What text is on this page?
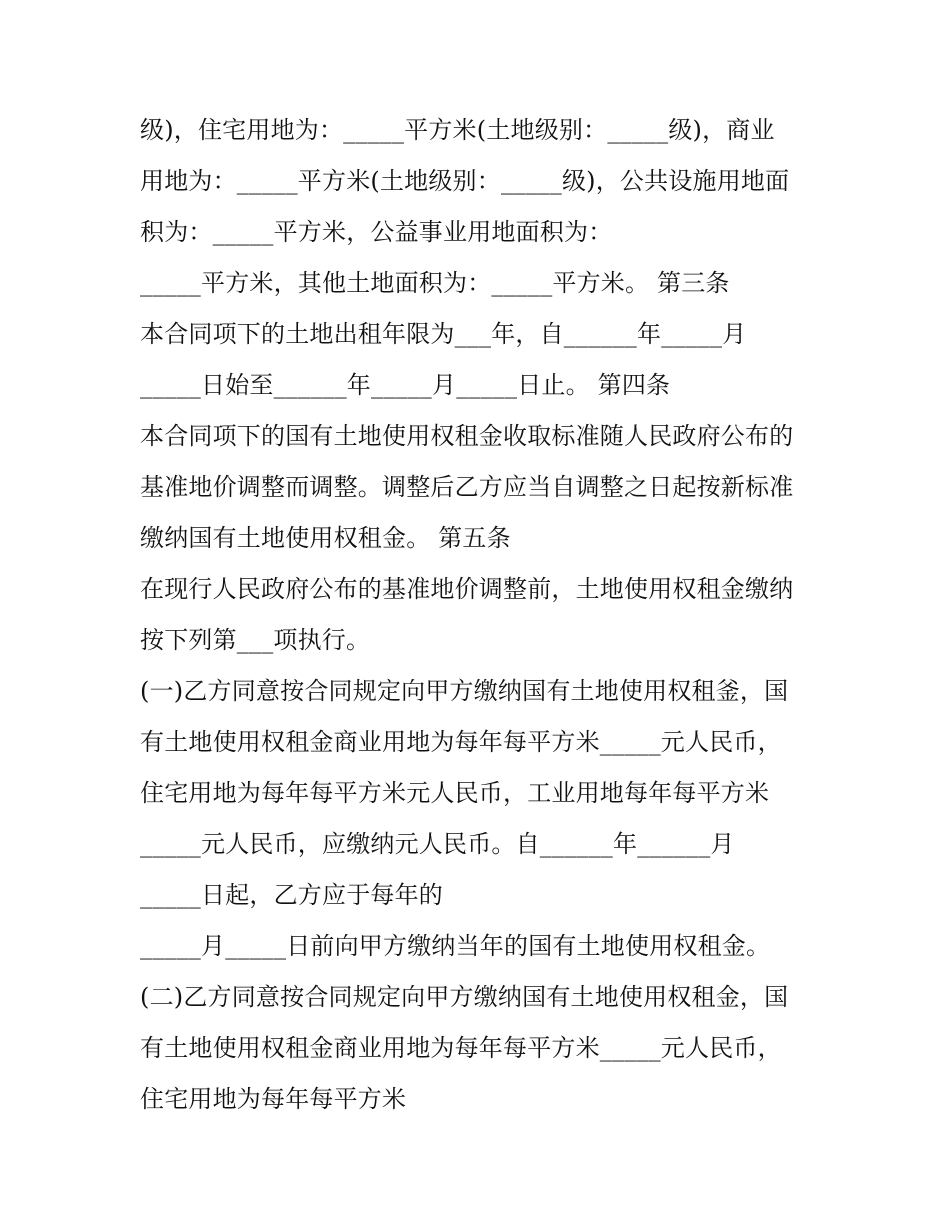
级)，住宅用地为：_____平方米(土地级别：_____级)，商业
用地为：_____平方米(土地级别：_____级)，公共设施用地面
积为：_____平方米，公益事业用地面积为：
_____平方米，其他土地面积为：_____平方米。 第三条
本合同项下的土地出租年限为___年，自______年_____月
_____日始至______年_____月_____日止。 第四条
本合同项下的国有土地使用权租金收取标准随人民政府公布的
基准地价调整而调整。调整后乙方应当自调整之日起按新标准
缴纳国有土地使用权租金。 第五条
在现行人民政府公布的基准地价调整前，土地使用权租金缴纳
按下列第___项执行。
(一)乙方同意按合同规定向甲方缴纳国有土地使用权租釜，国
有土地使用权租金商业用地为每年每平方米_____元人民币，
住宅用地为每年每平方米元人民币，工业用地每年每平方米
_____元人民币，应缴纳元人民币。自______年______月
_____日起，乙方应于每年的
_____月_____日前向甲方缴纳当年的国有土地使用权租金。
(二)乙方同意按合同规定向甲方缴纳国有土地使用权租金，国
有土地使用权租金商业用地为每年每平方米_____元人民币，
住宅用地为每年每平方米
